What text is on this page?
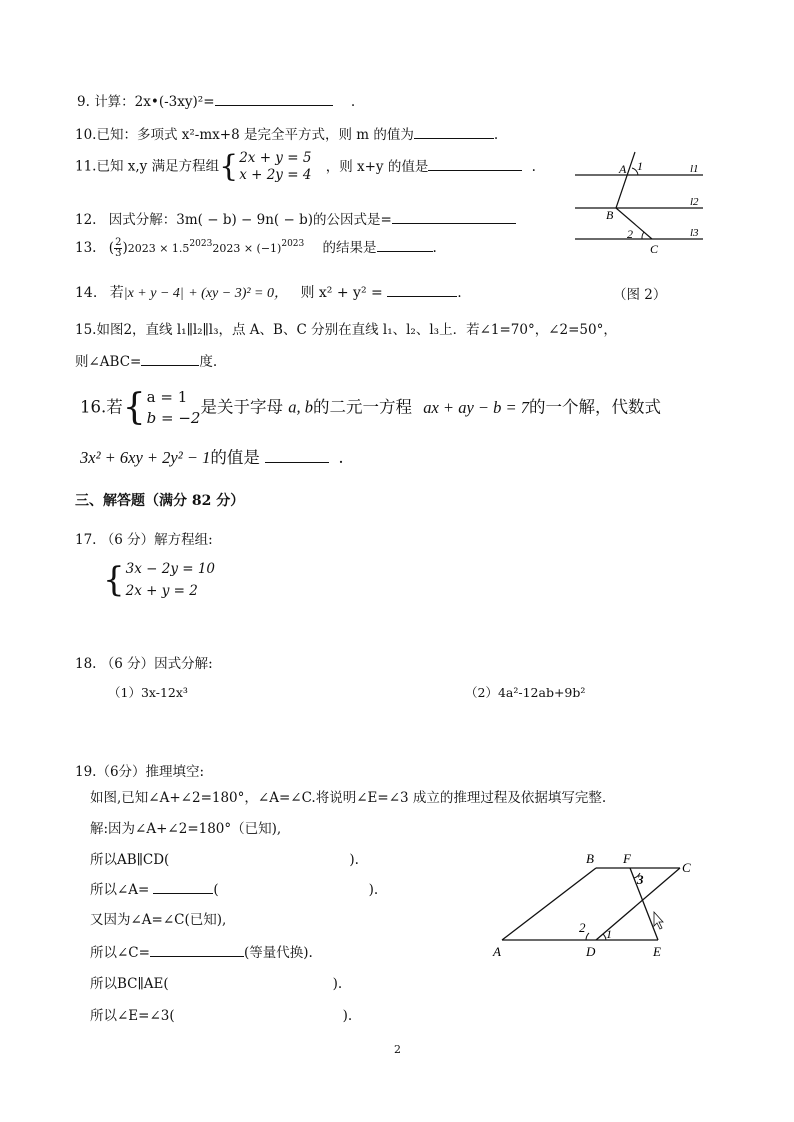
9. 计算：2x•(-3xy)²=	.
10.已知：多项式 x²-mx+8 是完全平方式，则 m 的值为	.
11.已知 x,y 满足方程组{ 2x + y = 5
x + 2y = 4
，则 x+y 的值是	.
12. 因式分解：3m( − b) − 9n( − b)的公因式是=
13. ( $\frac{2}{3} )2023 \times 1.5^{2023}2023 \times (-1)^{2023}$ 的结果是	.
14. 若|x + y − 4| + (xy − 3)² = 0， 则 x² + y² =	.	（图 2）
15.如图2，直线 l₁∥l₂∥l₃，点 A、B、C 分别在直线 l₁、l₂、l₃上．若∠1=70°，∠2=50°，
则∠ABC=	度.
16.若{ a = 1
b = −2
是关于字母 a, b的二元一方程 ax + ay − b = 7的一个解，代数式
3x² + 6xy + 2y² − 1的值是	.
三、解答题（满分 82 分）
17. （6 分）解方程组:
{ 3x − 2y = 10
2x + y = 2
18. （6 分）因式分解:
（1）3x-12x³	（2）4a²-12ab+9b²
19.（6分）推理填空:
如图,已知∠A+∠2=180°，∠A=∠C.将说明∠E=∠3 成立的推理过程及依据填写完整.
解:因为∠A+∠2=180°（已知),
所以AB∥CD(	).
所以∠A=	(	).
又因为∠A=∠C(已知),
所以∠C=	(等量代换).
所以BC∥AE(	).
所以∠E=∠3(	).
A 1
B
2
C
l1
l2
l3
B F
C
3
2 1
A	D	E
2
